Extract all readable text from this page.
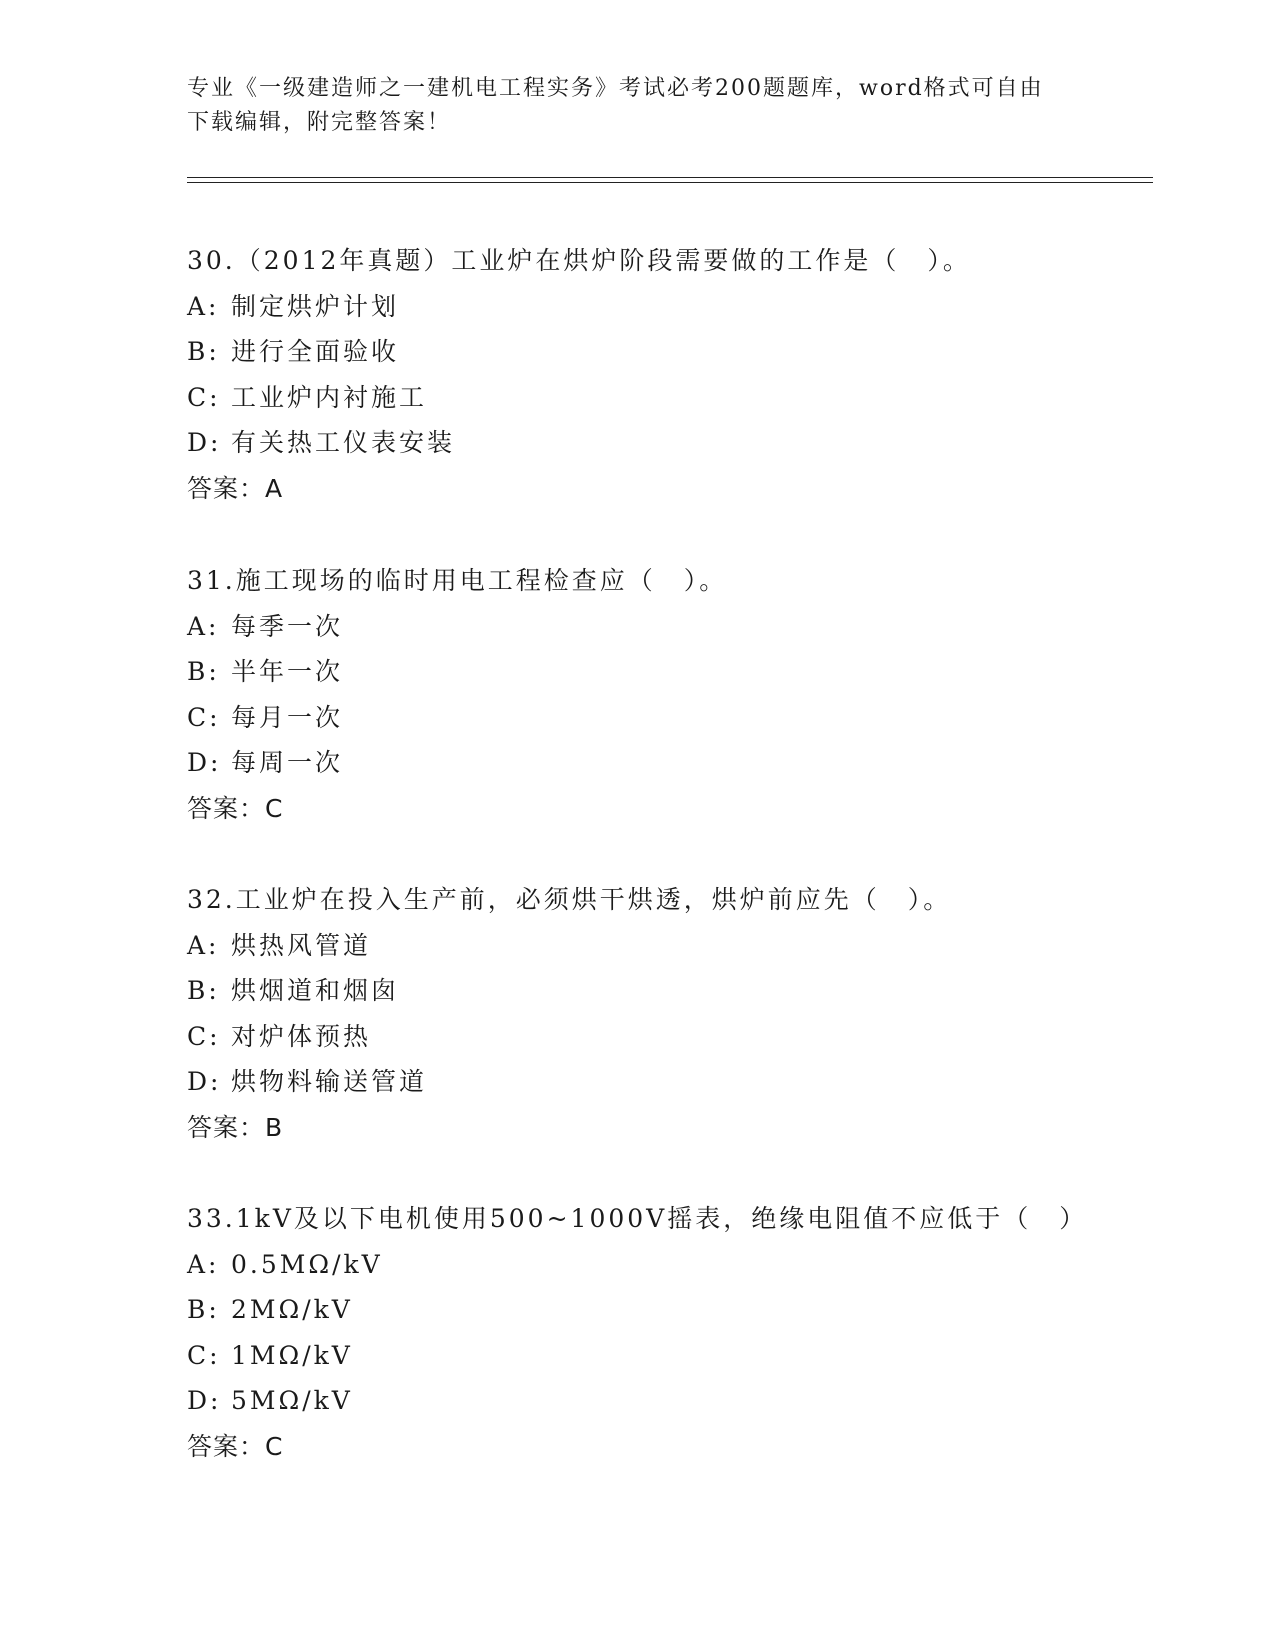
专业《一级建造师之一建机电工程实务》考试必考200题题库，word格式可自由
下载编辑，附完整答案！
30.（2012年真题）工业炉在烘炉阶段需要做的工作是（　）。
A: 制定烘炉计划
B: 进行全面验收
C: 工业炉内衬施工
D: 有关热工仪表安装
答案：A
31.施工现场的临时用电工程检查应（　）。
A: 每季一次
B: 半年一次
C: 每月一次
D: 每周一次
答案：C
32.工业炉在投入生产前，必须烘干烘透，烘炉前应先（　）。
A: 烘热风管道
B: 烘烟道和烟囱
C: 对炉体预热
D: 烘物料输送管道
答案：B
33.1kV及以下电机使用500~1000V摇表，绝缘电阻值不应低于（　）
A: 0.5MΩ/kV
B: 2MΩ/kV
C: 1MΩ/kV
D: 5MΩ/kV
答案：C
